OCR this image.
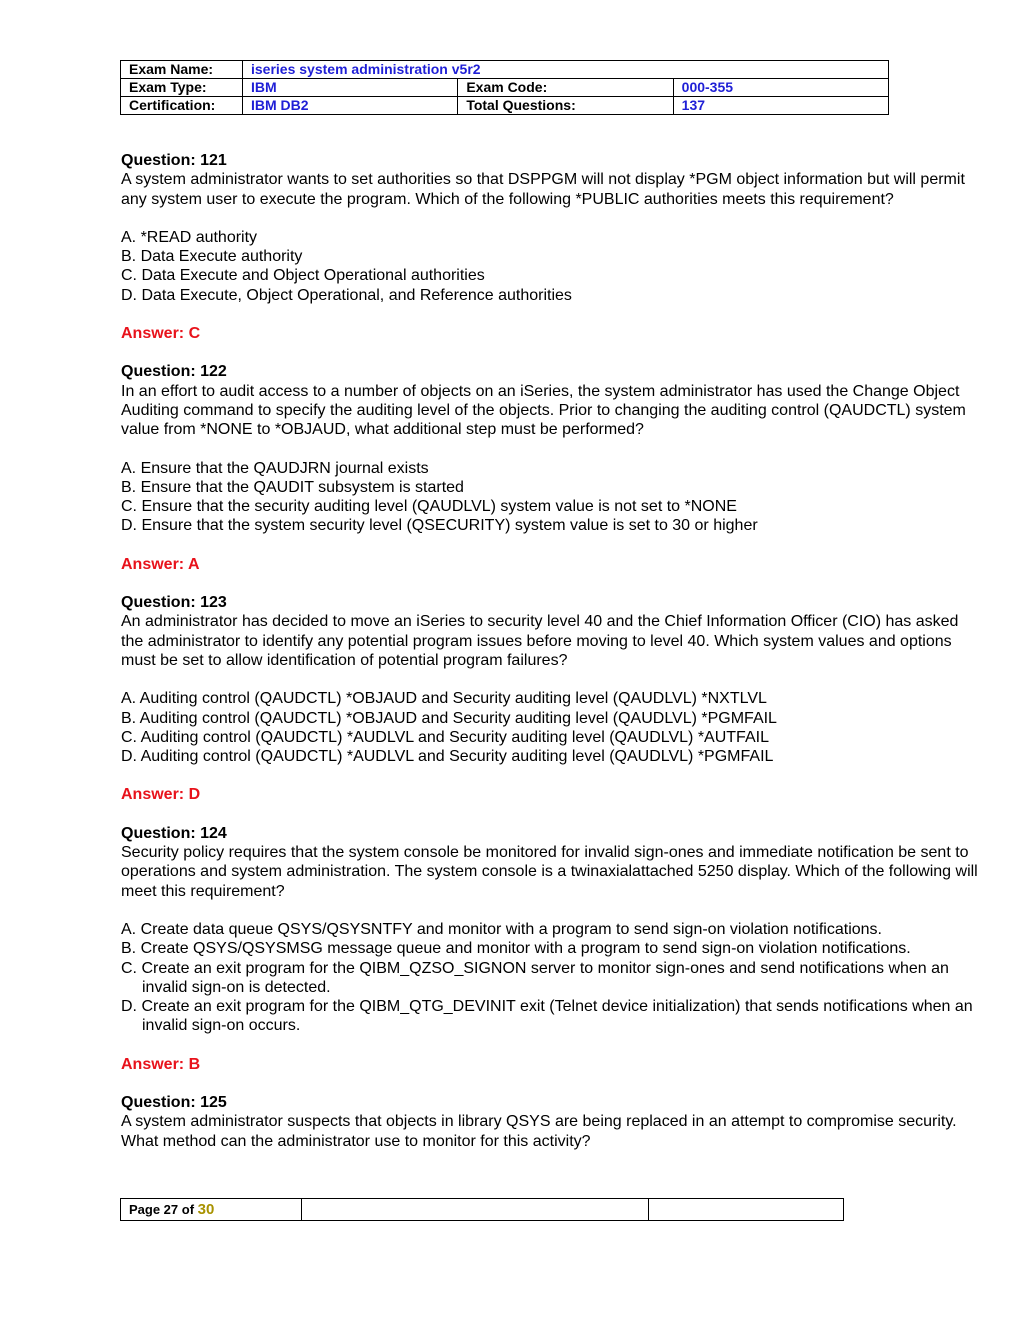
Exam Name:	iseries system administration v5r2		
Exam Type:	IBM	Exam Code:	000-355
Certification:	IBM DB2	Total Questions:	137
Question: 121
A system administrator wants to set authorities so that DSPPGM will not display *PGM object information but will permit any system user to execute the program. Which of the following *PUBLIC authorities meets this requirement?
A. *READ authority
B. Data Execute authority
C. Data Execute and Object Operational authorities
D. Data Execute, Object Operational, and Reference authorities
Answer: C
Question: 122
In an effort to audit access to a number of objects on an iSeries, the system administrator has used the Change Object Auditing command to specify the auditing level of the objects. Prior to changing the auditing control (QAUDCTL) system value from *NONE to *OBJAUD, what additional step must be performed?
A. Ensure that the QAUDJRN journal exists
B. Ensure that the QAUDIT subsystem is started
C. Ensure that the security auditing level (QAUDLVL) system value is not set to *NONE
D. Ensure that the system security level (QSECURITY) system value is set to 30 or higher
Answer: A
Question: 123
An administrator has decided to move an iSeries to security level 40 and the Chief Information Officer (CIO) has asked the administrator to identify any potential program issues before moving to level 40. Which system values and options must be set to allow identification of potential program failures?
A. Auditing control (QAUDCTL) *OBJAUD and Security auditing level (QAUDLVL) *NXTLVL
B. Auditing control (QAUDCTL) *OBJAUD and Security auditing level (QAUDLVL) *PGMFAIL
C. Auditing control (QAUDCTL) *AUDLVL and Security auditing level (QAUDLVL) *AUTFAIL
D. Auditing control (QAUDCTL) *AUDLVL and Security auditing level (QAUDLVL) *PGMFAIL
Answer: D
Question: 124
Security policy requires that the system console be monitored for invalid sign-ones and immediate notification be sent to operations and system administration. The system console is a twinaxialattached 5250 display. Which of the following will meet this requirement?
A. Create data queue QSYS/QSYSNTFY and monitor with a program to send sign-on violation notifications.
B. Create QSYS/QSYSMSG message queue and monitor with a program to send sign-on violation notifications.
C. Create an exit program for the QIBM_QZSO_SIGNON server to monitor sign-ones and send notifications when an invalid sign-on is detected.
D. Create an exit program for the QIBM_QTG_DEVINIT exit (Telnet device initialization) that sends notifications when an invalid sign-on occurs.
Answer: B
Question: 125
A system administrator suspects that objects in library QSYS are being replaced in an attempt to compromise security. What method can the administrator use to monitor for this activity?
Page 27 of 30		
